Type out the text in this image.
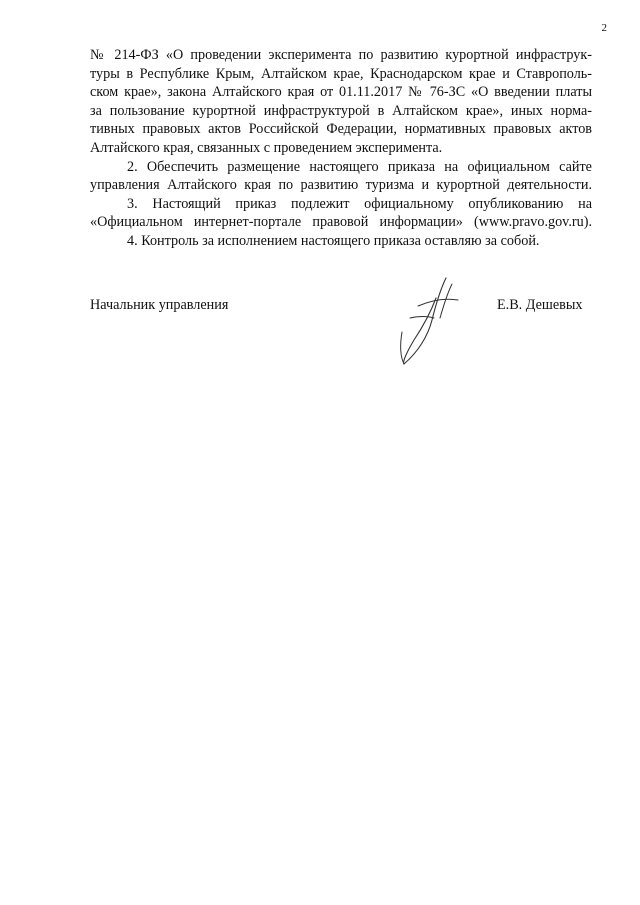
2
№ 214-ФЗ «О проведении эксперимента по развитию курортной инфраструк-
туры в Республике Крым, Алтайском крае, Краснодарском крае и Ставрополь-
ском крае», закона Алтайского края от 01.11.2017 № 76-ЗС «О введении платы
за пользование курортной инфраструктурой в Алтайском крае», иных норма-
тивных правовых актов Российской Федерации, нормативных правовых актов
Алтайского края, связанных с проведением эксперимента.
2. Обеспечить размещение настоящего приказа на официальном сайте
управления Алтайского края по развитию туризма и курортной деятельности.
3. Настоящий приказ подлежит официальному опубликованию на
«Официальном интернет-портале правовой информации» (www.pravo.gov.ru).
4. Контроль за исполнением настоящего приказа оставляю за собой.
Начальник управления	Е.В. Дешевых
